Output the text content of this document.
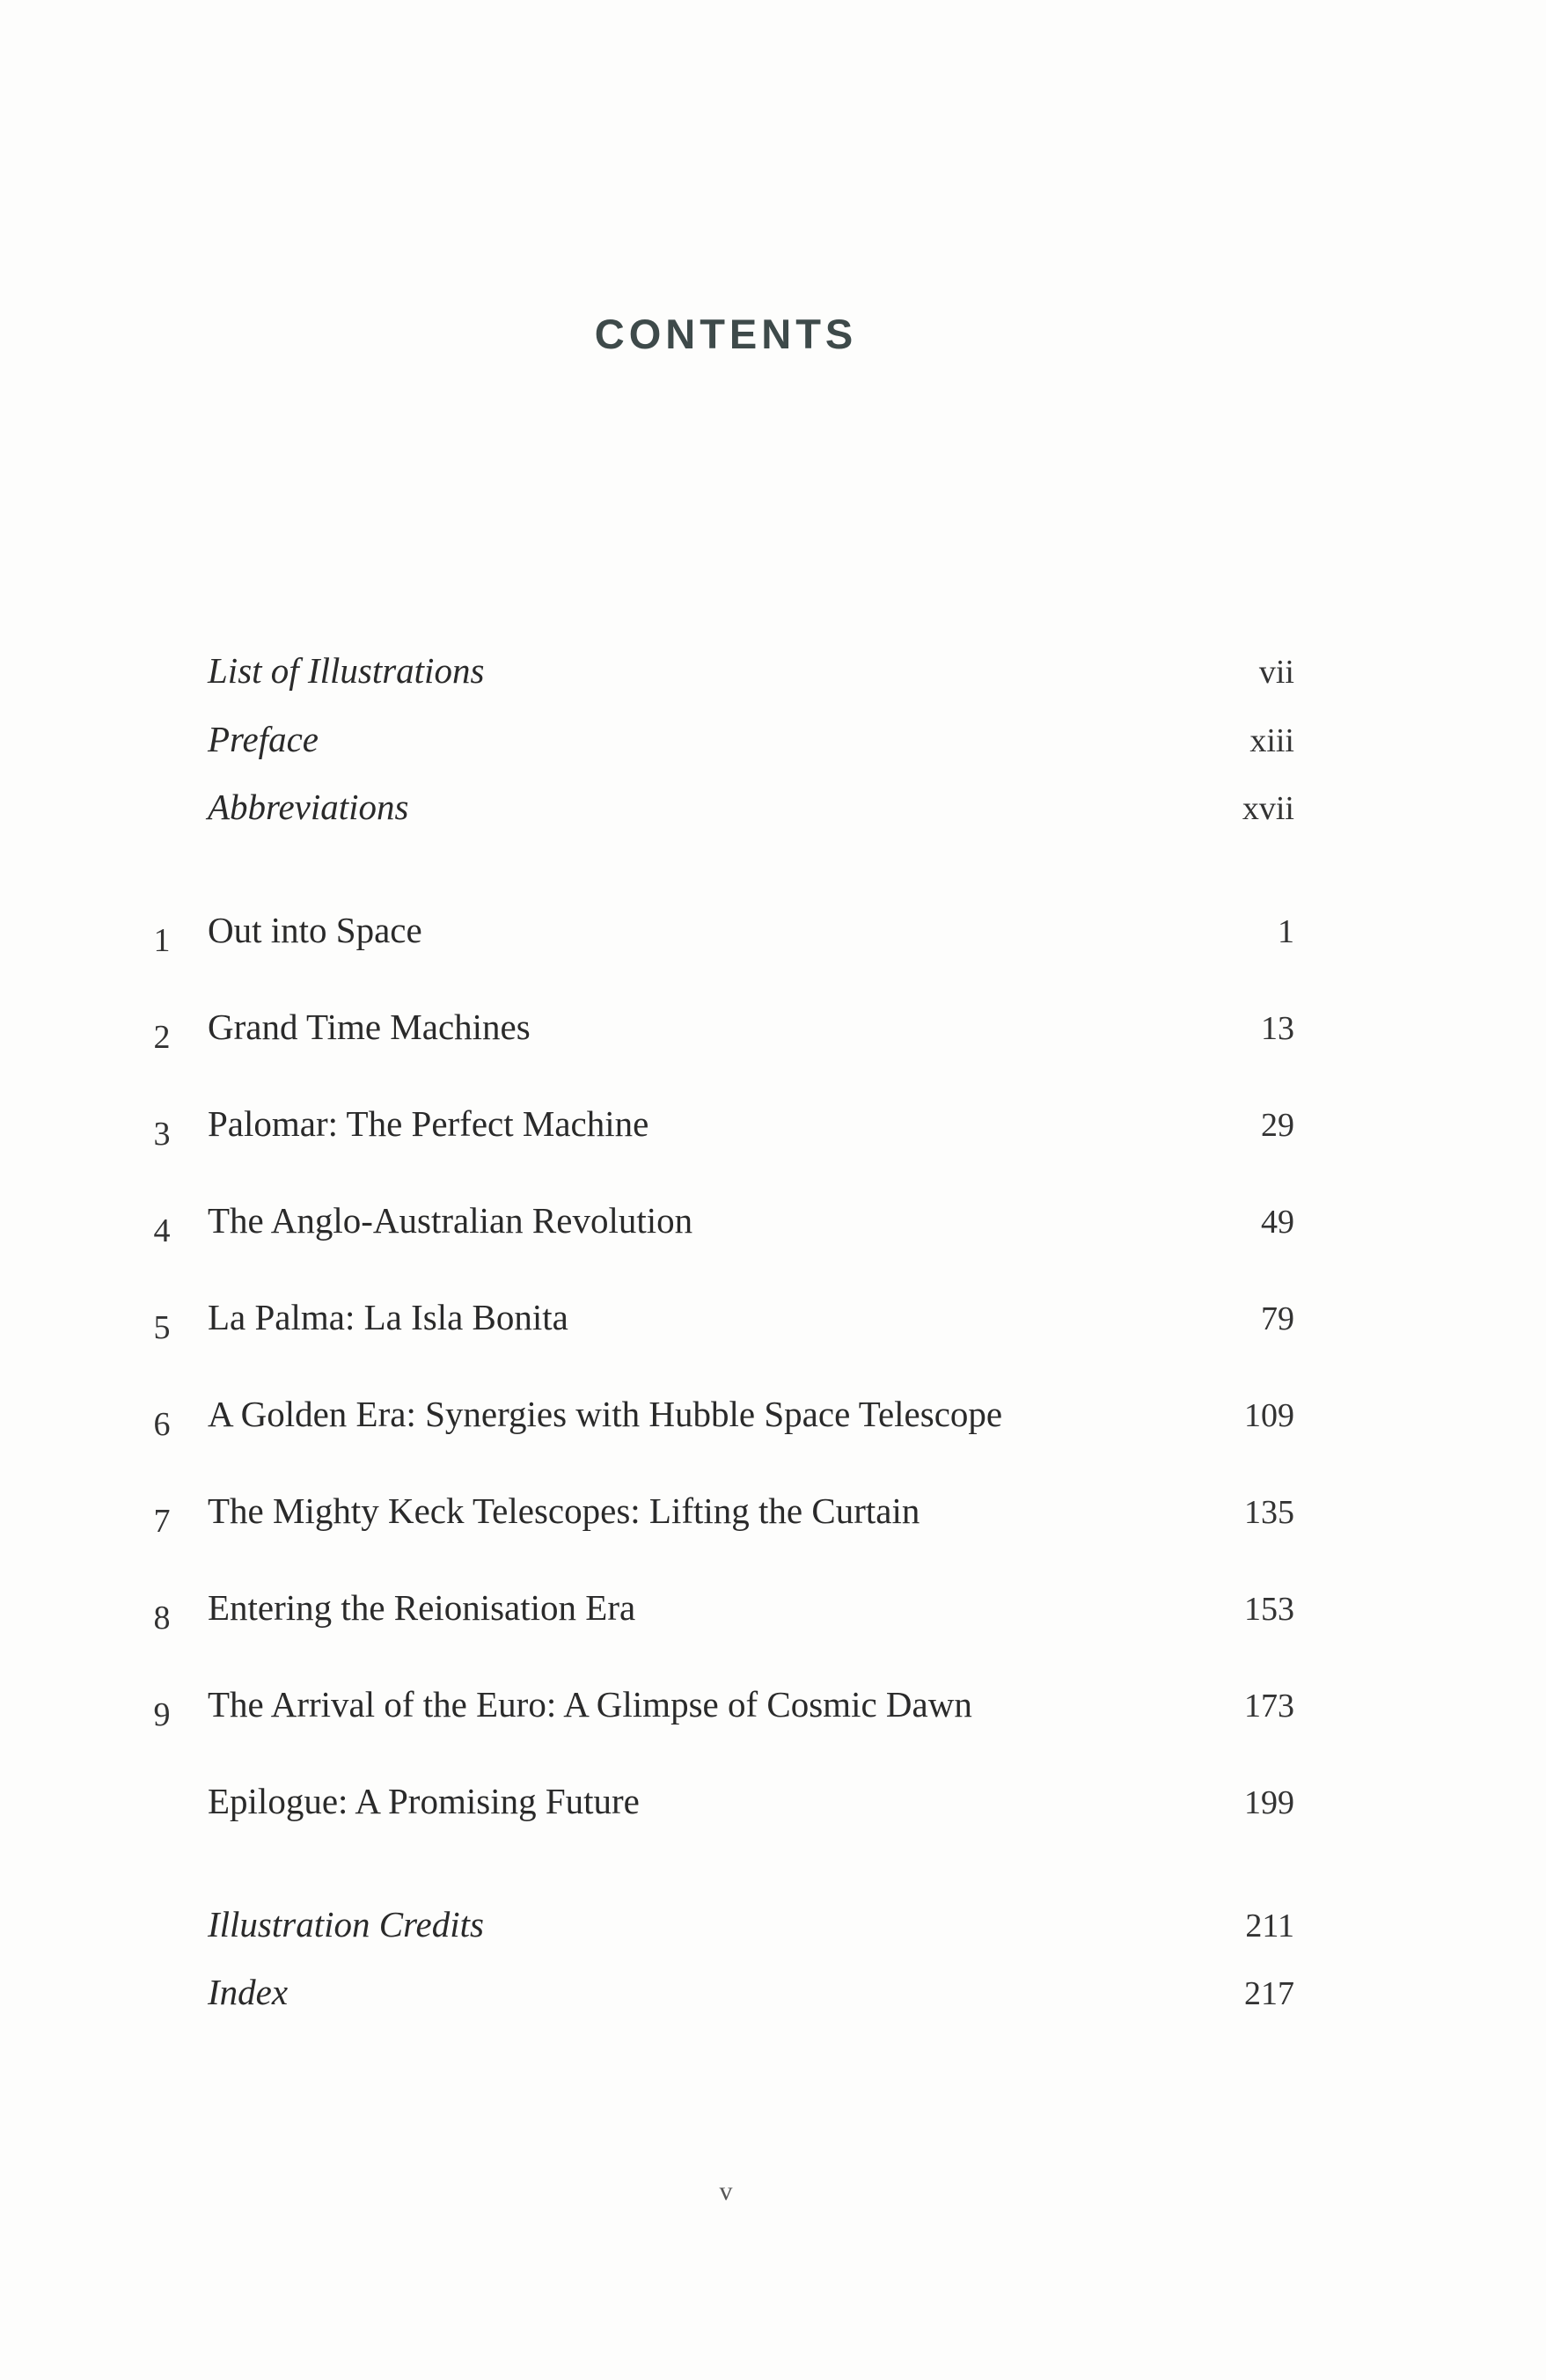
CONTENTS
List of Illustrations	vii
Preface	xiii
Abbreviations	xvii
1	Out into Space	1
2	Grand Time Machines	13
3	Palomar: The Perfect Machine	29
4	The Anglo-Australian Revolution	49
5	La Palma: La Isla Bonita	79
6	A Golden Era: Synergies with Hubble Space Telescope	109
7	The Mighty Keck Telescopes: Lifting the Curtain	135
8	Entering the Reionisation Era	153
9	The Arrival of the Euro: A Glimpse of Cosmic Dawn	173
Epilogue: A Promising Future	199
Illustration Credits	211
Index	217
v
